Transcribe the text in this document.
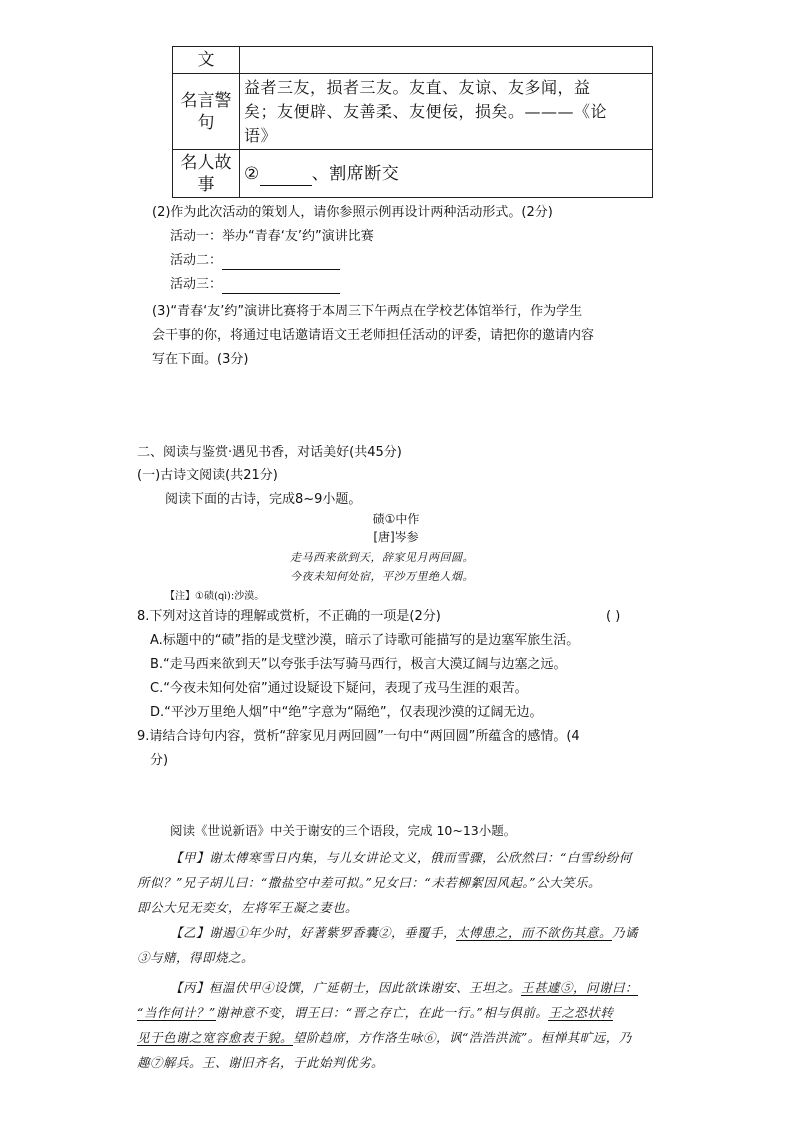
文	
名言警句	益者三友，损者三友。友直、友谅、友多闻，益
矣；友便辟、友善柔、友便佞，损矣。———《论
语》

名人故事	② 、割席断交
(2)作为此次活动的策划人，请你参照示例再设计两种活动形式。(2分)
活动一：举办“青春‘友’约”演讲比赛
活动二：
活动三：
(3)“青春‘友’约”演讲比赛将于本周三下午两点在学校艺体馆举行，作为学生
会干事的你，将通过电话邀请语文王老师担任活动的评委，请把你的邀请内容
写在下面。(3分)
二、阅读与鉴赏·遇见书香，对话美好(共45分)
(一)古诗文阅读(共21分)
阅读下面的古诗，完成8~9小题。
碛①中作
[唐]岑参
走马西来欲到天，辞家见月两回圆。
今夜未知何处宿，平沙万里绝人烟。
【注】①碛(qì):沙漠。
8.下列对这首诗的理解或赏析，不正确的一项是(2分)	( )
A.标题中的“碛”指的是戈壁沙漠，暗示了诗歌可能描写的是边塞军旅生活。
B.“走马西来欲到天”以夸张手法写骑马西行，极言大漠辽阔与边塞之远。
C.“今夜未知何处宿”通过设疑设下疑问，表现了戎马生涯的艰苦。
D.“平沙万里绝人烟”中“绝”字意为“隔绝”，仅表现沙漠的辽阔无边。
9.请结合诗句内容，赏析“辞家见月两回圆”一句中“两回圆”所蕴含的感情。(4
分)
阅读《世说新语》中关于谢安的三个语段，完成 10~13小题。
【甲】谢太傅寒雪日内集，与儿女讲论文义，俄而雪骤，公欣然曰：“白雪纷纷何
所似？”兄子胡儿曰：“撒盐空中差可拟。”兄女曰：“未若柳絮因风起。”公大笑乐。
即公大兄无奕女，左将军王凝之妻也。
【乙】谢遏①年少时，好著紫罗香囊②，垂覆手，太傅患之，而不欲伤其意。乃谲
③与赌，得即烧之。
【丙】桓温伏甲④设馔，广延朝士，因此欲诛谢安、王坦之。王甚遽⑤，问谢曰：
“当作何计？”谢神意不变，谓王曰：“晋之存亡，在此一行。”相与俱前。王之恐状转
见于色谢之宽容愈表于貌。望阶趋席，方作洛生咏⑥，讽“浩浩洪流”。桓惮其旷远，乃
趣⑦解兵。王、谢旧齐名，于此始判优劣。
